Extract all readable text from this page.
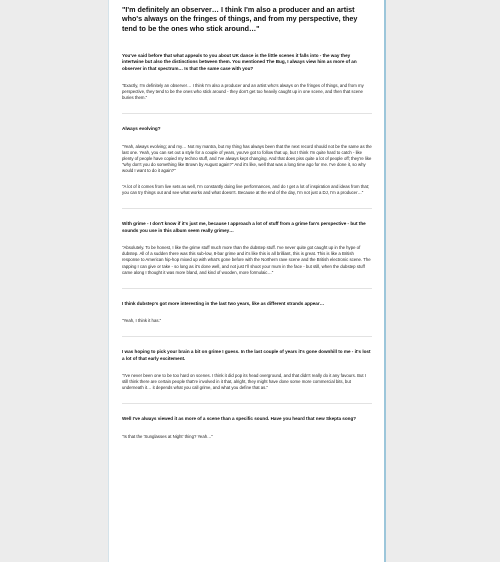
"I'm definitely an observer… I think I'm also a producer and an artist who's always on the fringes of things, and from my perspective, they tend to be the ones who stick around…"

You've said before that what appeals to you about UK dance is the little scenes it falls into - the way they intertwine but also the distinctions between them. You mentioned The Bug, I always view him as more of an observer in that spectrum… Is that the same case with you?

"Exactly, I'm definitely an observer… I think I'm also a producer and an artist who's always on the fringes of things, and from my perspective, they tend to be the ones who stick around - they don't get too heavily caught up in one scene, and then that scene buries them."

Always evolving?

"Yeah, always evolving; and my… Not my mantra, but my thing has always been that the next record should not be the same as the last one. Yeah, you can set out a style for a couple of years, you've got to follow that up, but I think I'm quite hard to catch - like plenty of people have copied my techno stuff, and I've always kept changing. And that does piss quite a lot of people off; they're like "why don't you do something like Brown by August again?" And it's like, well that was a long time ago for me. I've done it, so why would I want to do it again?"

"A lot of it comes from live sets as well, I'm constantly doing live performances, and do I get a lot of inspiration and ideas from that; you can try things out and see what works and what doesn't. Because at the end of the day, I'm not just a DJ, I'm a producer…"

With grime - I don't know if it's just me, because I approach a lot of stuff from a grime fan's perspective - but the sounds you use in this album seem really grimey…

"Absolutely. To be honest, I like the grime stuff much more than the dubstep stuff. I've never quite got caught up in the hype of dubstep. All of a sudden there was this sub-low, 8-bar grime and it's like this is all brilliant, this is great. This is like a British response to American hip-hop mixed up with what's gone before with the Northern rave scene and the British electronic scene. The rapping I can give or take - so long as it's done well, and not just I'll shoot your mum in the face - but still, when the dubstep stuff came along I thought it was more bland, and kind of wooden, more formulaic…"

I think dubstep's got more interesting in the last two years, like as different strands appear…

"Yeah, I think it has."

I was hoping to pick your brain a bit on grime I guess. In the last couple of years it's gone downhill to me - it's lost a lot of that early excitement.

"I've never been one to be too hard on scenes. I think it did pop its head overground, and that didn't really do it any favours. But I still think there are certain people that're involved in it that, alright, they might have done some more commercial bits, but underneath it… it depends what you call grime, and what you define that as."

Well I've always viewed it as more of a scene than a specific sound. Have you heard that new Skepta song?

"Is that the 'Sunglasses at Night' thing? Yeah…"
